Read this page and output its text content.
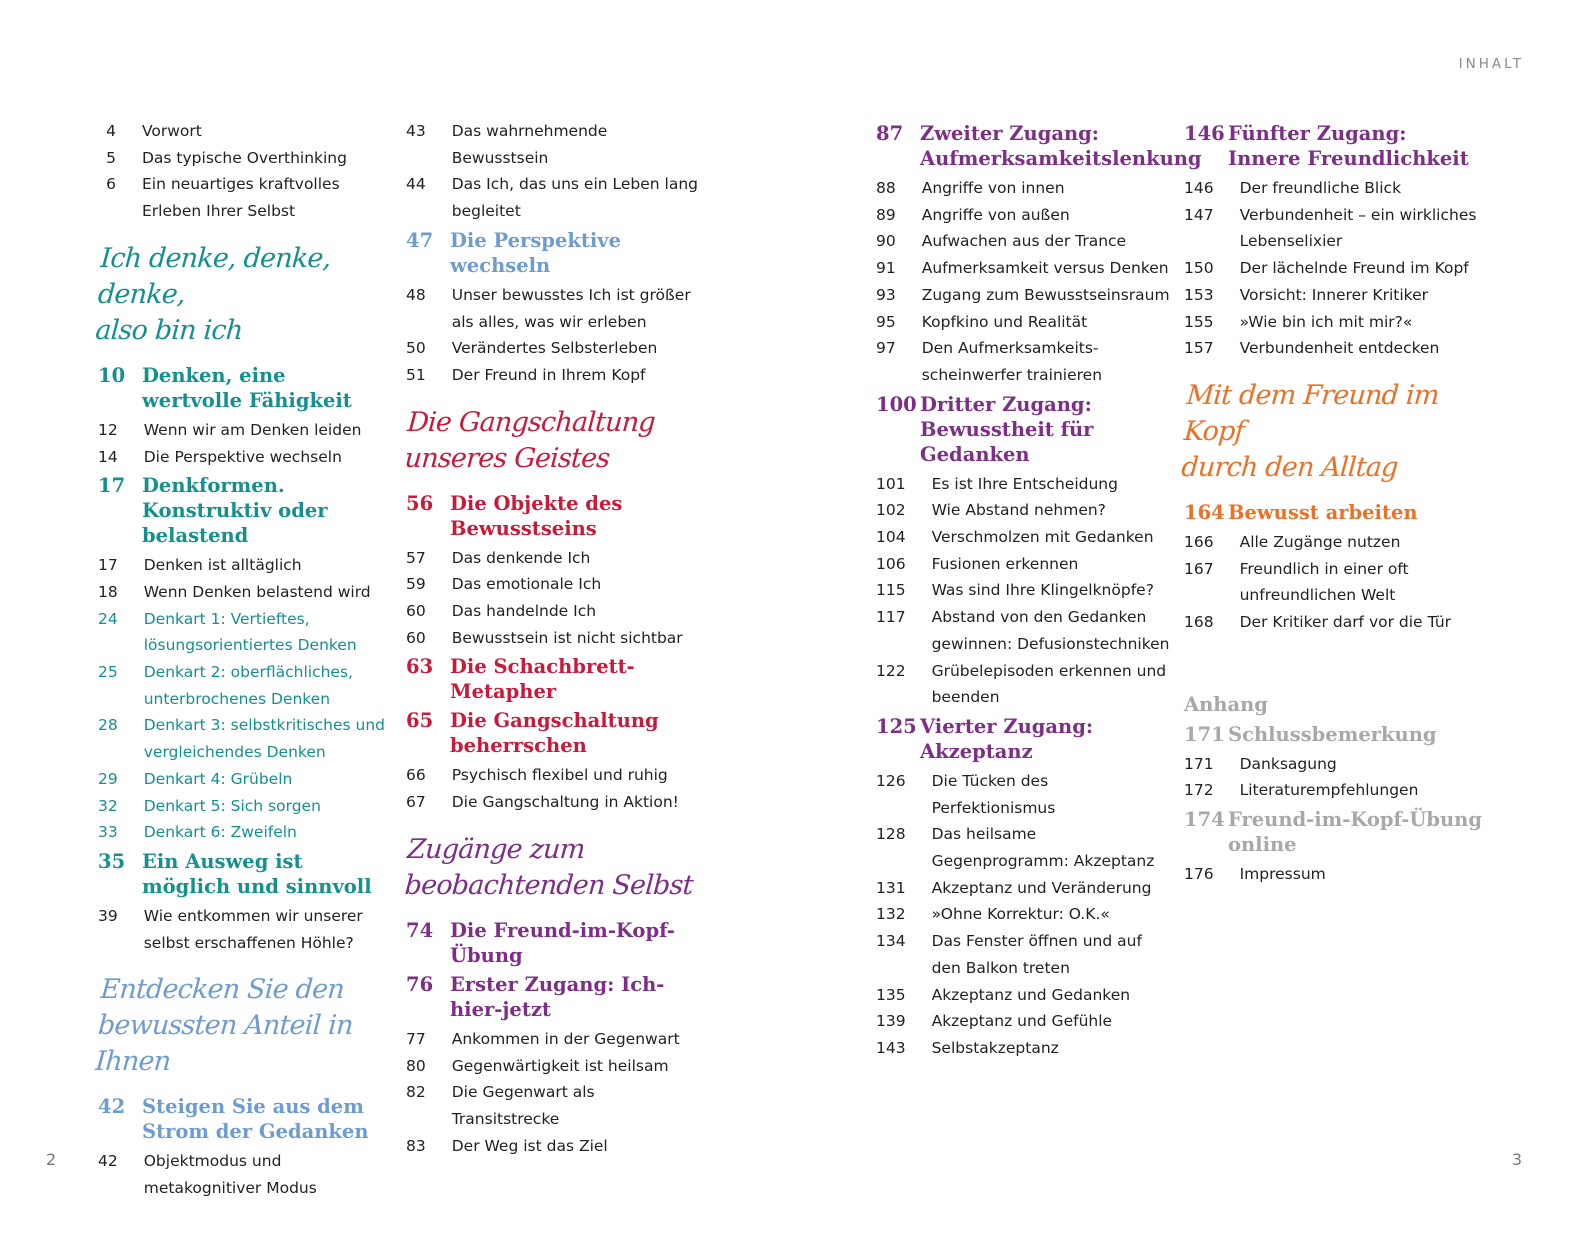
INHALT
4 Vorwort
5 Das typische Overthinking
6 Ein neuartiges kraftvolles Erleben Ihrer Selbst
Ich denke, denke, denke,
also bin ich
10 Denken, eine wertvolle Fähigkeit
12 Wenn wir am Denken leiden
14 Die Perspektive wechseln
17 Denkformen. Konstruktiv oder belastend
17 Denken ist alltäglich
18 Wenn Denken belastend wird
24 Denkart 1: Vertieftes, lösungsorientiertes Denken
25 Denkart 2: oberflächliches, unterbrochenes Denken
28 Denkart 3: selbstkritisches und vergleichendes Denken
29 Denkart 4: Grübeln
32 Denkart 5: Sich sorgen
33 Denkart 6: Zweifeln
35 Ein Ausweg ist möglich und sinnvoll
39 Wie entkommen wir unserer selbst erschaffenen Höhle?
Entdecken Sie den
bewussten Anteil in Ihnen
42 Steigen Sie aus dem Strom der Gedanken
42 Objektmodus und metakognitiver Modus
43 Das wahrnehmende Bewusstsein
44 Das Ich, das uns ein Leben lang begleitet
47 Die Perspektive wechseln
48 Unser bewusstes Ich ist größer als alles, was wir erleben
50 Verändertes Selbsterleben
51 Der Freund in Ihrem Kopf
Die Gangschaltung
unseres Geistes
56 Die Objekte des Bewusstseins
57 Das denkende Ich
59 Das emotionale Ich
60 Das handelnde Ich
60 Bewusstsein ist nicht sichtbar
63 Die Schachbrett-Metapher
65 Die Gangschaltung beherrschen
66 Psychisch flexibel und ruhig
67 Die Gangschaltung in Aktion!
Zugänge zum
beobachtenden Selbst
74 Die Freund-im-Kopf-Übung
76 Erster Zugang: Ich-hier-jetzt
77 Ankommen in der Gegenwart
80 Gegenwärtigkeit ist heilsam
82 Die Gegenwart als Transitstrecke
83 Der Weg ist das Ziel
87 Zweiter Zugang: Aufmerksamkeitslenkung
88 Angriffe von innen
89 Angriffe von außen
90 Aufwachen aus der Trance
91 Aufmerksamkeit versus Denken
93 Zugang zum Bewusstseinsraum
95 Kopfkino und Realität
97 Den Aufmerksamkeits-scheinwerfer trainieren
100 Dritter Zugang: Bewusstheit für Gedanken
101 Es ist Ihre Entscheidung
102 Wie Abstand nehmen?
104 Verschmolzen mit Gedanken
106 Fusionen erkennen
115 Was sind Ihre Klingelknöpfe?
117 Abstand von den Gedanken gewinnen: Defusionstechniken
122 Grübelepisoden erkennen und beenden
125 Vierter Zugang: Akzeptanz
126 Die Tücken des Perfektionismus
128 Das heilsame Gegenprogramm: Akzeptanz
131 Akzeptanz und Veränderung
132 »Ohne Korrektur: O.K.«
134 Das Fenster öffnen und auf den Balkon treten
135 Akzeptanz und Gedanken
139 Akzeptanz und Gefühle
143 Selbstakzeptanz
146 Fünfter Zugang: Innere Freundlichkeit
146 Der freundliche Blick
147 Verbundenheit – ein wirkliches Lebenselixier
150 Der lächelnde Freund im Kopf
153 Vorsicht: Innerer Kritiker
155 »Wie bin ich mit mir?«
157 Verbundenheit entdecken
Mit dem Freund im Kopf
durch den Alltag
164 Bewusst arbeiten
166 Alle Zugänge nutzen
167 Freundlich in einer oft unfreundlichen Welt
168 Der Kritiker darf vor die Tür
Anhang
171 Schlussbemerkung
171 Danksagung
172 Literaturempfehlungen
174 Freund-im-Kopf-Übung online
176 Impressum
2	3
